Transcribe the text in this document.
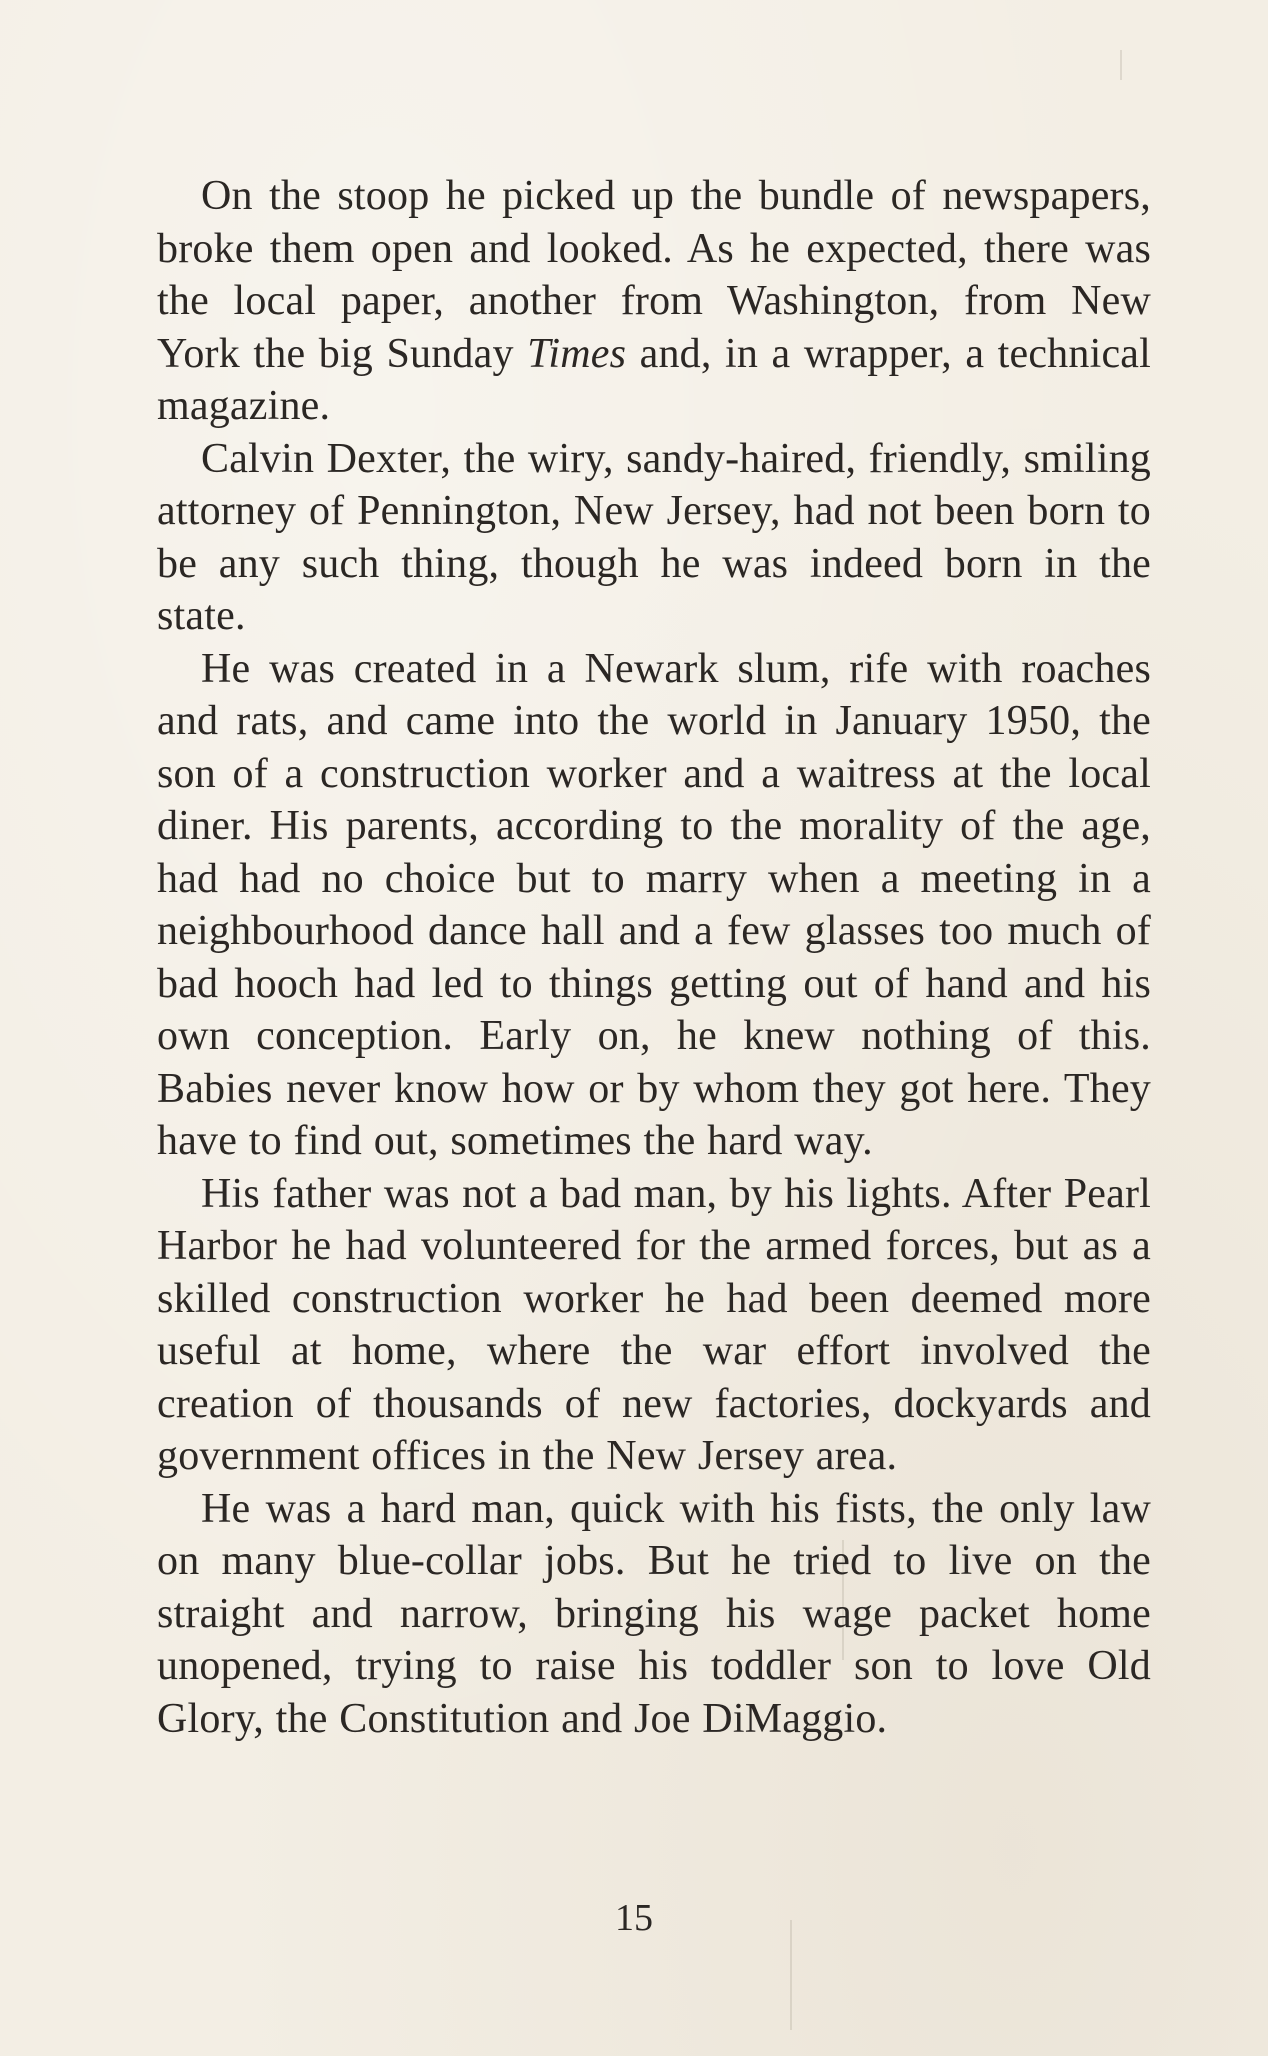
On the stoop he picked up the bundle of newspapers, broke them open and looked. As he expected, there was the local paper, another from Washington, from New York the big Sunday Times and, in a wrapper, a technical magazine.

Calvin Dexter, the wiry, sandy-haired, friendly, smiling attorney of Pennington, New Jersey, had not been born to be any such thing, though he was indeed born in the state.

He was created in a Newark slum, rife with roaches and rats, and came into the world in January 1950, the son of a construction worker and a waitress at the local diner. His parents, according to the morality of the age, had had no choice but to marry when a meeting in a neighbourhood dance hall and a few glasses too much of bad hooch had led to things getting out of hand and his own conception. Early on, he knew nothing of this. Babies never know how or by whom they got here. They have to find out, sometimes the hard way.

His father was not a bad man, by his lights. After Pearl Harbor he had volunteered for the armed forces, but as a skilled construction worker he had been deemed more useful at home, where the war effort involved the creation of thousands of new factories, dockyards and government offices in the New Jersey area.

He was a hard man, quick with his fists, the only law on many blue-collar jobs. But he tried to live on the straight and narrow, bringing his wage packet home unopened, trying to raise his toddler son to love Old Glory, the Constitution and Joe DiMaggio.

15
